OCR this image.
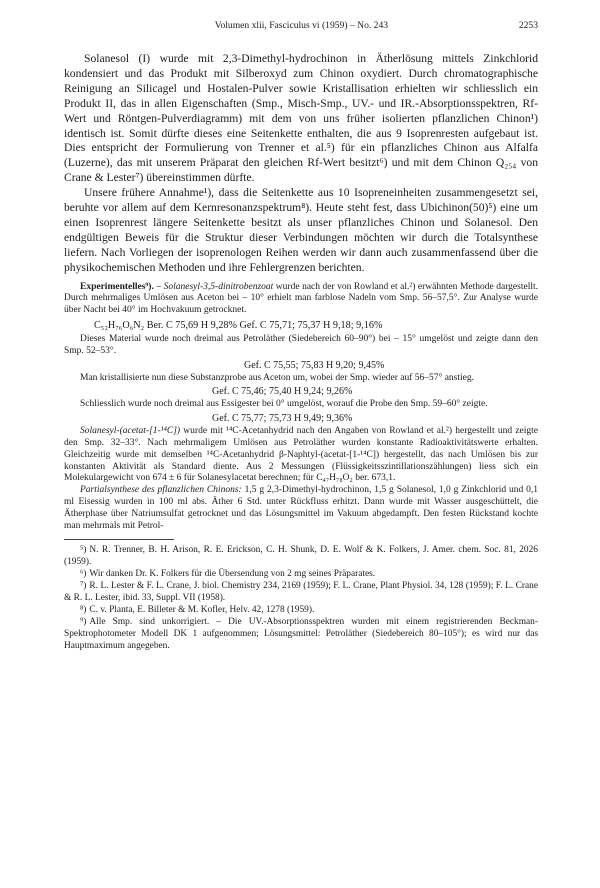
Volumen xlii, Fasciculus vi (1959) – No. 243	2253

Solanesol (I) wurde mit 2,3-Dimethyl-hydrochinon in Ätherlösung mittels Zinkchlorid kondensiert und das Produkt mit Silberoxyd zum Chinon oxydiert. Durch chromatographische Reinigung an Silicagel und Hostalen-Pulver sowie Kristallisation erhielten wir schliesslich ein Produkt II, das in allen Eigenschaften (Smp., Misch-Smp., UV.- und IR.-Absorptionsspektren, Rf-Wert und Röntgen-Pulverdiagramm) mit dem von uns früher isolierten pflanzlichen Chinon¹) identisch ist. Somit dürfte dieses eine Seitenkette enthalten, die aus 9 Isoprenresten aufgebaut ist. Dies entspricht der Formulierung von Trenner et al.⁵) für ein pflanzliches Chinon aus Alfalfa (Luzerne), das mit unserem Präparat den gleichen Rf-Wert besitzt⁶) und mit dem Chinon Q₂₅₄ von Crane & Lester⁷) übereinstimmen dürfte.

Unsere frühere Annahme¹), dass die Seitenkette aus 10 Isopreneinheiten zusammengesetzt sei, beruhte vor allem auf dem Kernresonanzspektrum⁸). Heute steht fest, dass Ubichinon(50)⁵) eine um einen Isoprenrest längere Seitenkette besitzt als unser pflanzliches Chinon und Solanesol. Den endgültigen Beweis für die Struktur dieser Verbindungen möchten wir durch die Totalsynthese liefern. Nach Vorliegen der isoprenologen Reihen werden wir dann auch zusammenfassend über die physikochemischen Methoden und ihre Fehlergrenzen berichten.

Experimentelles⁹). – Solanesyl-3,5-dinitrobenzoat wurde nach der von Rowland et al.²) erwähnten Methode dargestellt. Durch mehrmaliges Umlösen aus Aceton bei – 10° erhielt man farblose Nadeln vom Smp. 56–57,5°. Zur Analyse wurde über Nacht bei 40° im Hochvakuum getrocknet.

C₅₂H₇₆O₆N₂ Ber. C 75,69 H 9,28% Gef. C 75,71; 75,37 H 9,18; 9,16%

Dieses Material wurde noch dreimal aus Petroläther (Siedebereich 60–90°) bei – 15° umgelöst und zeigte dann den Smp. 52–53°.

Gef. C 75,55; 75,83 H 9,20; 9,45%

Man kristallisierte nun diese Substanzprobe aus Aceton um, wobei der Smp. wieder auf 56–57° anstieg.

Gef. C 75,46; 75,40 H 9,24; 9,26%

Schliesslich wurde noch dreimal aus Essigester bei 0° umgelöst, worauf die Probe den Smp. 59–60° zeigte.

Gef. C 75,77; 75,73 H 9,49; 9,36%

Solanesyl-(acetat-[1-¹⁴C]) wurde mit ¹⁴C-Acetanhydrid nach den Angaben von Rowland et al.²) hergestellt und zeigte den Smp. 32–33°. Nach mehrmaligem Umlösen aus Petroläther wurden konstante Radioaktivitätswerte erhalten. Gleichzeitig wurde mit demselben ¹⁴C-Acetanhydrid β-Naphtyl-(acetat-[1-¹⁴C]) hergestellt, das nach Umlösen bis zur konstanten Aktivität als Standard diente. Aus 2 Messungen (Flüssigkeitsszintillationszählungen) liess sich ein Molekulargewicht von 674 ± 6 für Solanesylacetat berechnen; für C₄₇H₇₈O₂ ber. 673,1.

Partialsynthese des pflanzlichen Chinons: 1,5 g 2,3-Dimethyl-hydrochinon, 1,5 g Solanesol, 1,0 g Zinkchlorid und 0,1 ml Eisessig wurden in 100 ml abs. Äther 6 Std. unter Rückfluss erhitzt. Dann wurde mit Wasser ausgeschüttelt, die Ätherphase über Natriumsulfat getrocknet und das Lösungsmittel im Vakuum abgedampft. Den festen Rückstand kochte man mehrmals mit Petrol-

⁵) N. R. Trenner, B. H. Arison, R. E. Erickson, C. H. Shunk, D. E. Wolf & K. Folkers, J. Amer. chem. Soc. 81, 2026 (1959).

⁶) Wir danken Dr. K. Folkers für die Übersendung von 2 mg seines Präparates.

⁷) R. L. Lester & F. L. Crane, J. biol. Chemistry 234, 2169 (1959); F. L. Crane, Plant Physiol. 34, 128 (1959); F. L. Crane & R. L. Lester, ibid. 33, Suppl. VII (1958).

⁸) C. v. Planta, E. Billeter & M. Kofler, Helv. 42, 1278 (1959).

⁹) Alle Smp. sind unkorrigiert. – Die UV.-Absorptionsspektren wurden mit einem registrierenden Beckman-Spektrophotometer Modell DK 1 aufgenommen; Lösungsmittel: Petroläther (Siedebereich 80–105°); es wird nur das Hauptmaximum angegeben.
